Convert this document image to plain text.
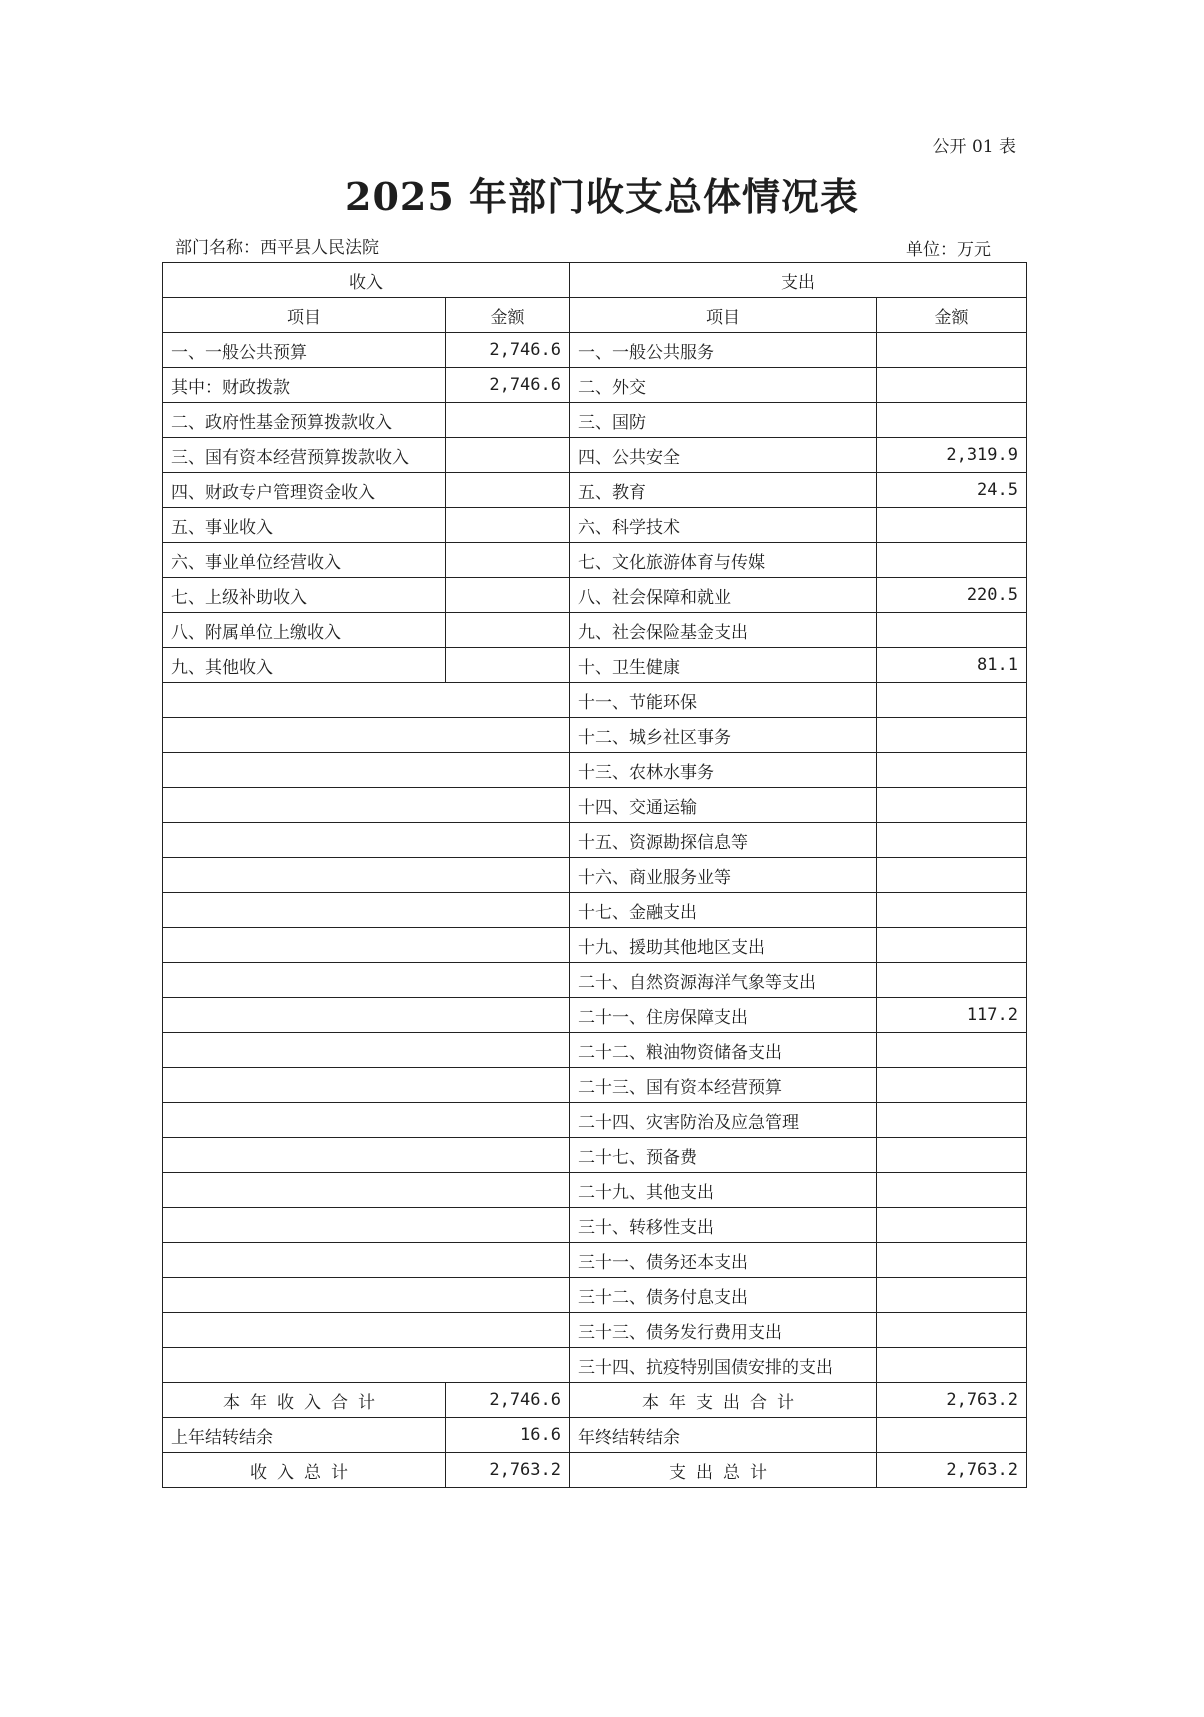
公开 01 表
2025 年部门收支总体情况表
部门名称：西平县人民法院	单位：万元
收入		支出	
项目	金额	项目	金额
一、一般公共预算	2,746.6	一、一般公共服务	
其中：财政拨款	2,746.6	二、外交	
二、政府性基金预算拨款收入		三、国防	
三、国有资本经营预算拨款收入		四、公共安全	2,319.9
四、财政专户管理资金收入		五、教育	24.5
五、事业收入		六、科学技术	
六、事业单位经营收入		七、文化旅游体育与传媒	
七、上级补助收入		八、社会保障和就业	220.5
八、附属单位上缴收入		九、社会保险基金支出	
九、其他收入		十、卫生健康	81.1
		十一、节能环保	
		十二、城乡社区事务	
		十三、农林水事务	
		十四、交通运输	
		十五、资源勘探信息等	
		十六、商业服务业等	
		十七、金融支出	
		十九、援助其他地区支出	
		二十、自然资源海洋气象等支出	
		二十一、住房保障支出	117.2
		二十二、粮油物资储备支出	
		二十三、国有资本经营预算	
		二十四、灾害防治及应急管理	
		二十七、预备费	
		二十九、其他支出	
		三十、转移性支出	
		三十一、债务还本支出	
		三十二、债务付息支出	
		三十三、债务发行费用支出	
		三十四、抗疫特别国债安排的支出	
本年收入合计	2,746.6	本年支出合计	2,763.2
上年结转结余	16.6	年终结转结余	
收入总计	2,763.2	支出总计	2,763.2
